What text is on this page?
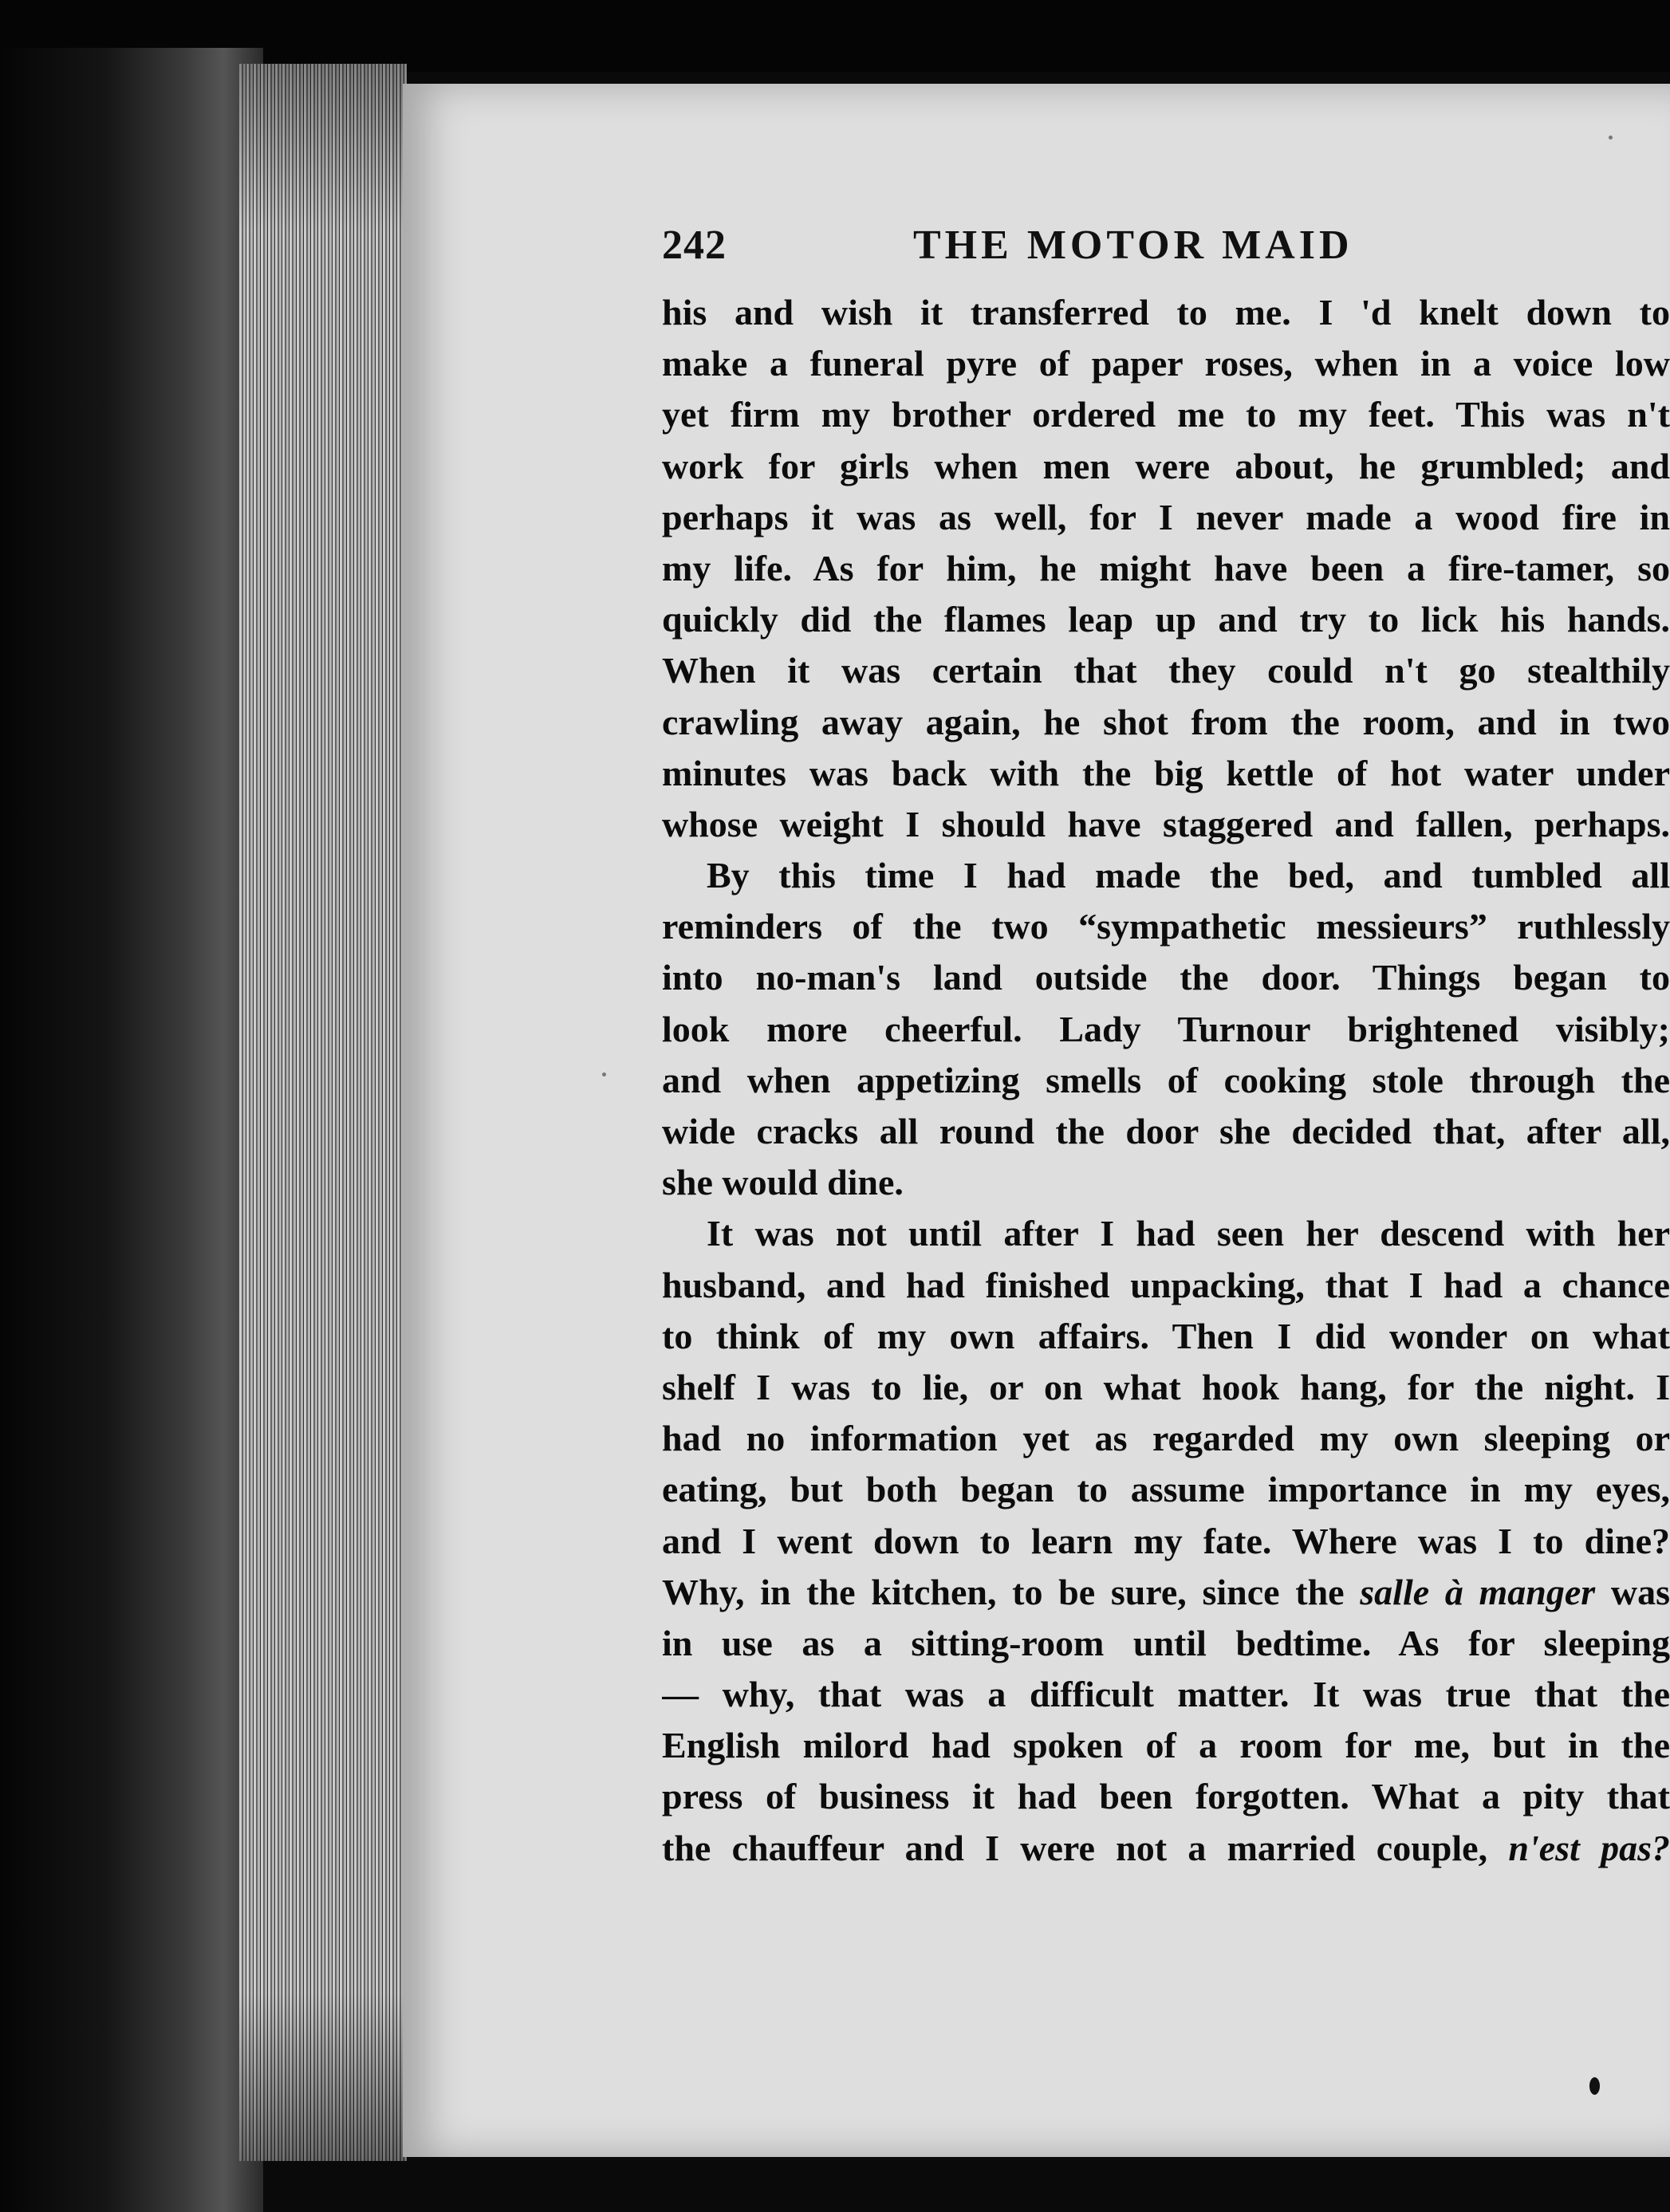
242	THE MOTOR MAID
his and wish it transferred to me. I 'd knelt down to
make a funeral pyre of paper roses, when in a voice low
yet firm my brother ordered me to my feet. This was n't
work for girls when men were about, he grumbled; and
perhaps it was as well, for I never made a wood fire in
my life. As for him, he might have been a fire-tamer, so
quickly did the flames leap up and try to lick his hands.
When it was certain that they could n't go stealthily
crawling away again, he shot from the room, and in two
minutes was back with the big kettle of hot water under
whose weight I should have staggered and fallen, perhaps.
By this time I had made the bed, and tumbled all
reminders of the two “sympathetic messieurs” ruthlessly
into no-man's land outside the door. Things began to
look more cheerful. Lady Turnour brightened visibly;
and when appetizing smells of cooking stole through the
wide cracks all round the door she decided that, after all,
she would dine.
It was not until after I had seen her descend with her
husband, and had finished unpacking, that I had a chance
to think of my own affairs. Then I did wonder on what
shelf I was to lie, or on what hook hang, for the night. I
had no information yet as regarded my own sleeping or
eating, but both began to assume importance in my eyes,
and I went down to learn my fate. Where was I to dine?
Why, in the kitchen, to be sure, since the salle à manger was
in use as a sitting-room until bedtime. As for sleeping
— why, that was a difficult matter. It was true that the
English milord had spoken of a room for me, but in the
press of business it had been forgotten. What a pity that
the chauffeur and I were not a married couple, n'est pas?
